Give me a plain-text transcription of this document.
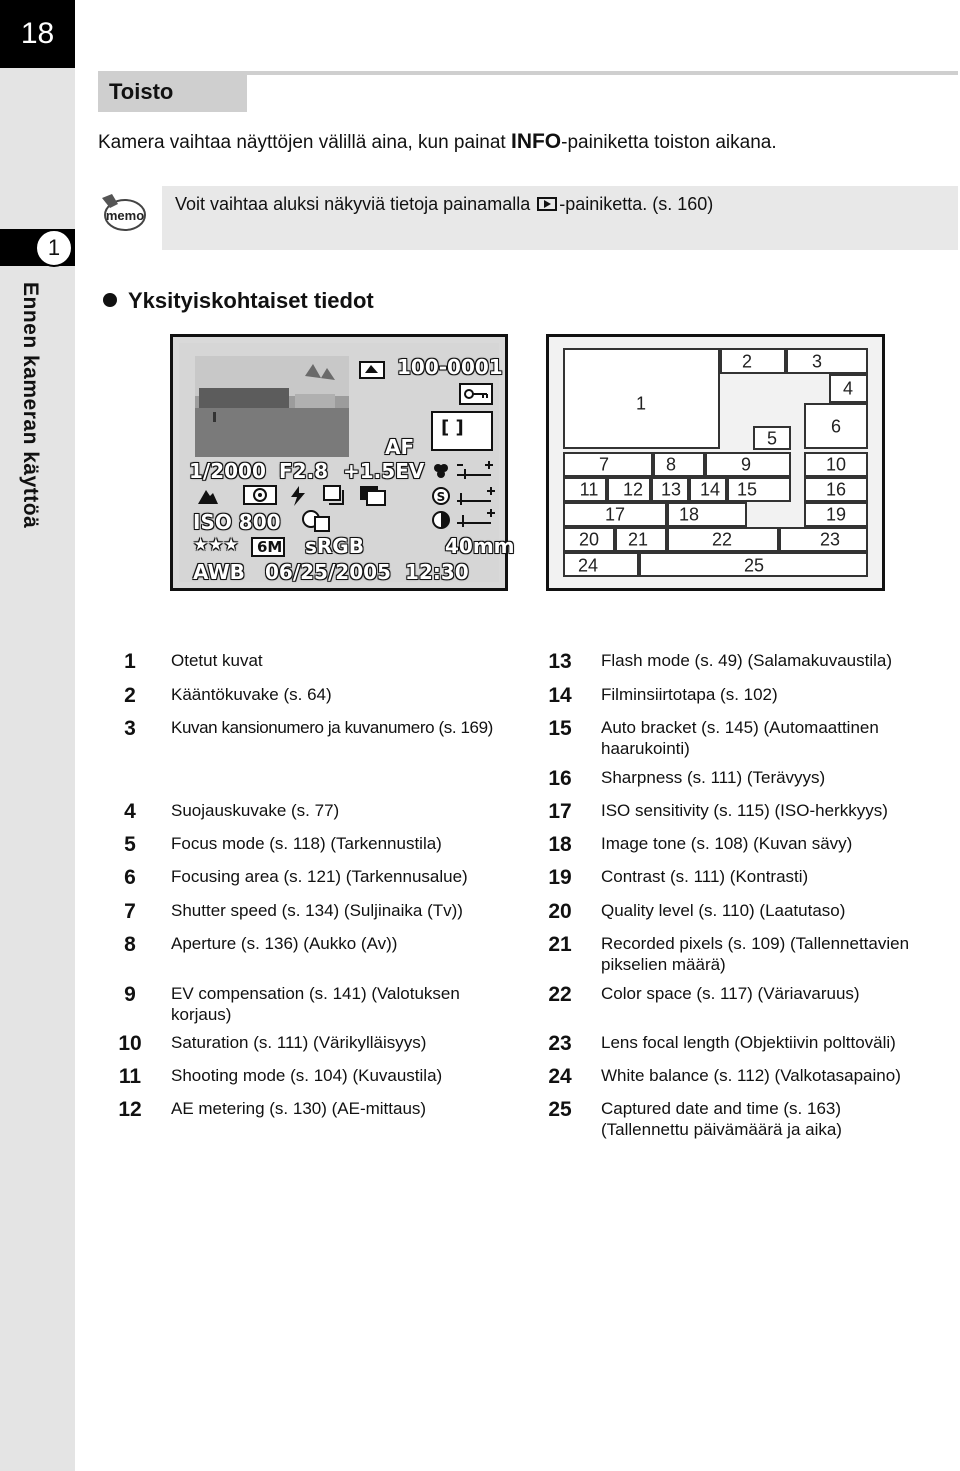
18
1
Ennen kameran käyttöä
Toisto
Kamera vaihtaa näyttöjen välillä aina, kun painat INFO-painiketta toiston aikana.
memo
Voit vaihtaa aluksi näkyviä tietoja painamalla -painiketta. (s. 160)
Yksityiskohtaiset tiedot
100-0001
AF
[ ]
1/2000 F2.8 +1.5EV
S
ISO 800
★★★ 6M sRGB	40mm
AWB 06/25/2005 12:30
1
2	3
4
5
6
7	8	9	10
11 12 13 14 15	16
17	18	19
20 21	22	23
24	25
1	Otetut kuvat
2	Kääntökuvake (s. 64)
3	Kuvan kansionumero ja kuvanumero (s. 169)
4	Suojauskuvake (s. 77)
5	Focus mode (s. 118) (Tarkennustila)
6	Focusing area (s. 121) (Tarkennusalue)
7	Shutter speed (s. 134) (Suljinaika (Tv))
8	Aperture (s. 136) (Aukko (Av))
9	EV compensation (s. 141) (Valotuksen korjaus)
10	Saturation (s. 111) (Värikylläisyys)
11	Shooting mode (s. 104) (Kuvaustila)
12	AE metering (s. 130) (AE-mittaus)
13	Flash mode (s. 49) (Salamakuvaustila)
14	Filminsiirtotapa (s. 102)
15	Auto bracket (s. 145) (Automaattinen haarukointi)
16	Sharpness (s. 111) (Terävyys)
17	ISO sensitivity (s. 115) (ISO-herkkyys)
18	Image tone (s. 108) (Kuvan sävy)
19	Contrast (s. 111) (Kontrasti)
20	Quality level (s. 110) (Laatutaso)
21	Recorded pixels (s. 109) (Tallennettavien pikselien määrä)
22	Color space (s. 117) (Väriavaruus)
23	Lens focal length (Objektiivin polttoväli)
24	White balance (s. 112) (Valkotasapaino)
25	Captured date and time (s. 163) (Tallennettu päivämäärä ja aika)
